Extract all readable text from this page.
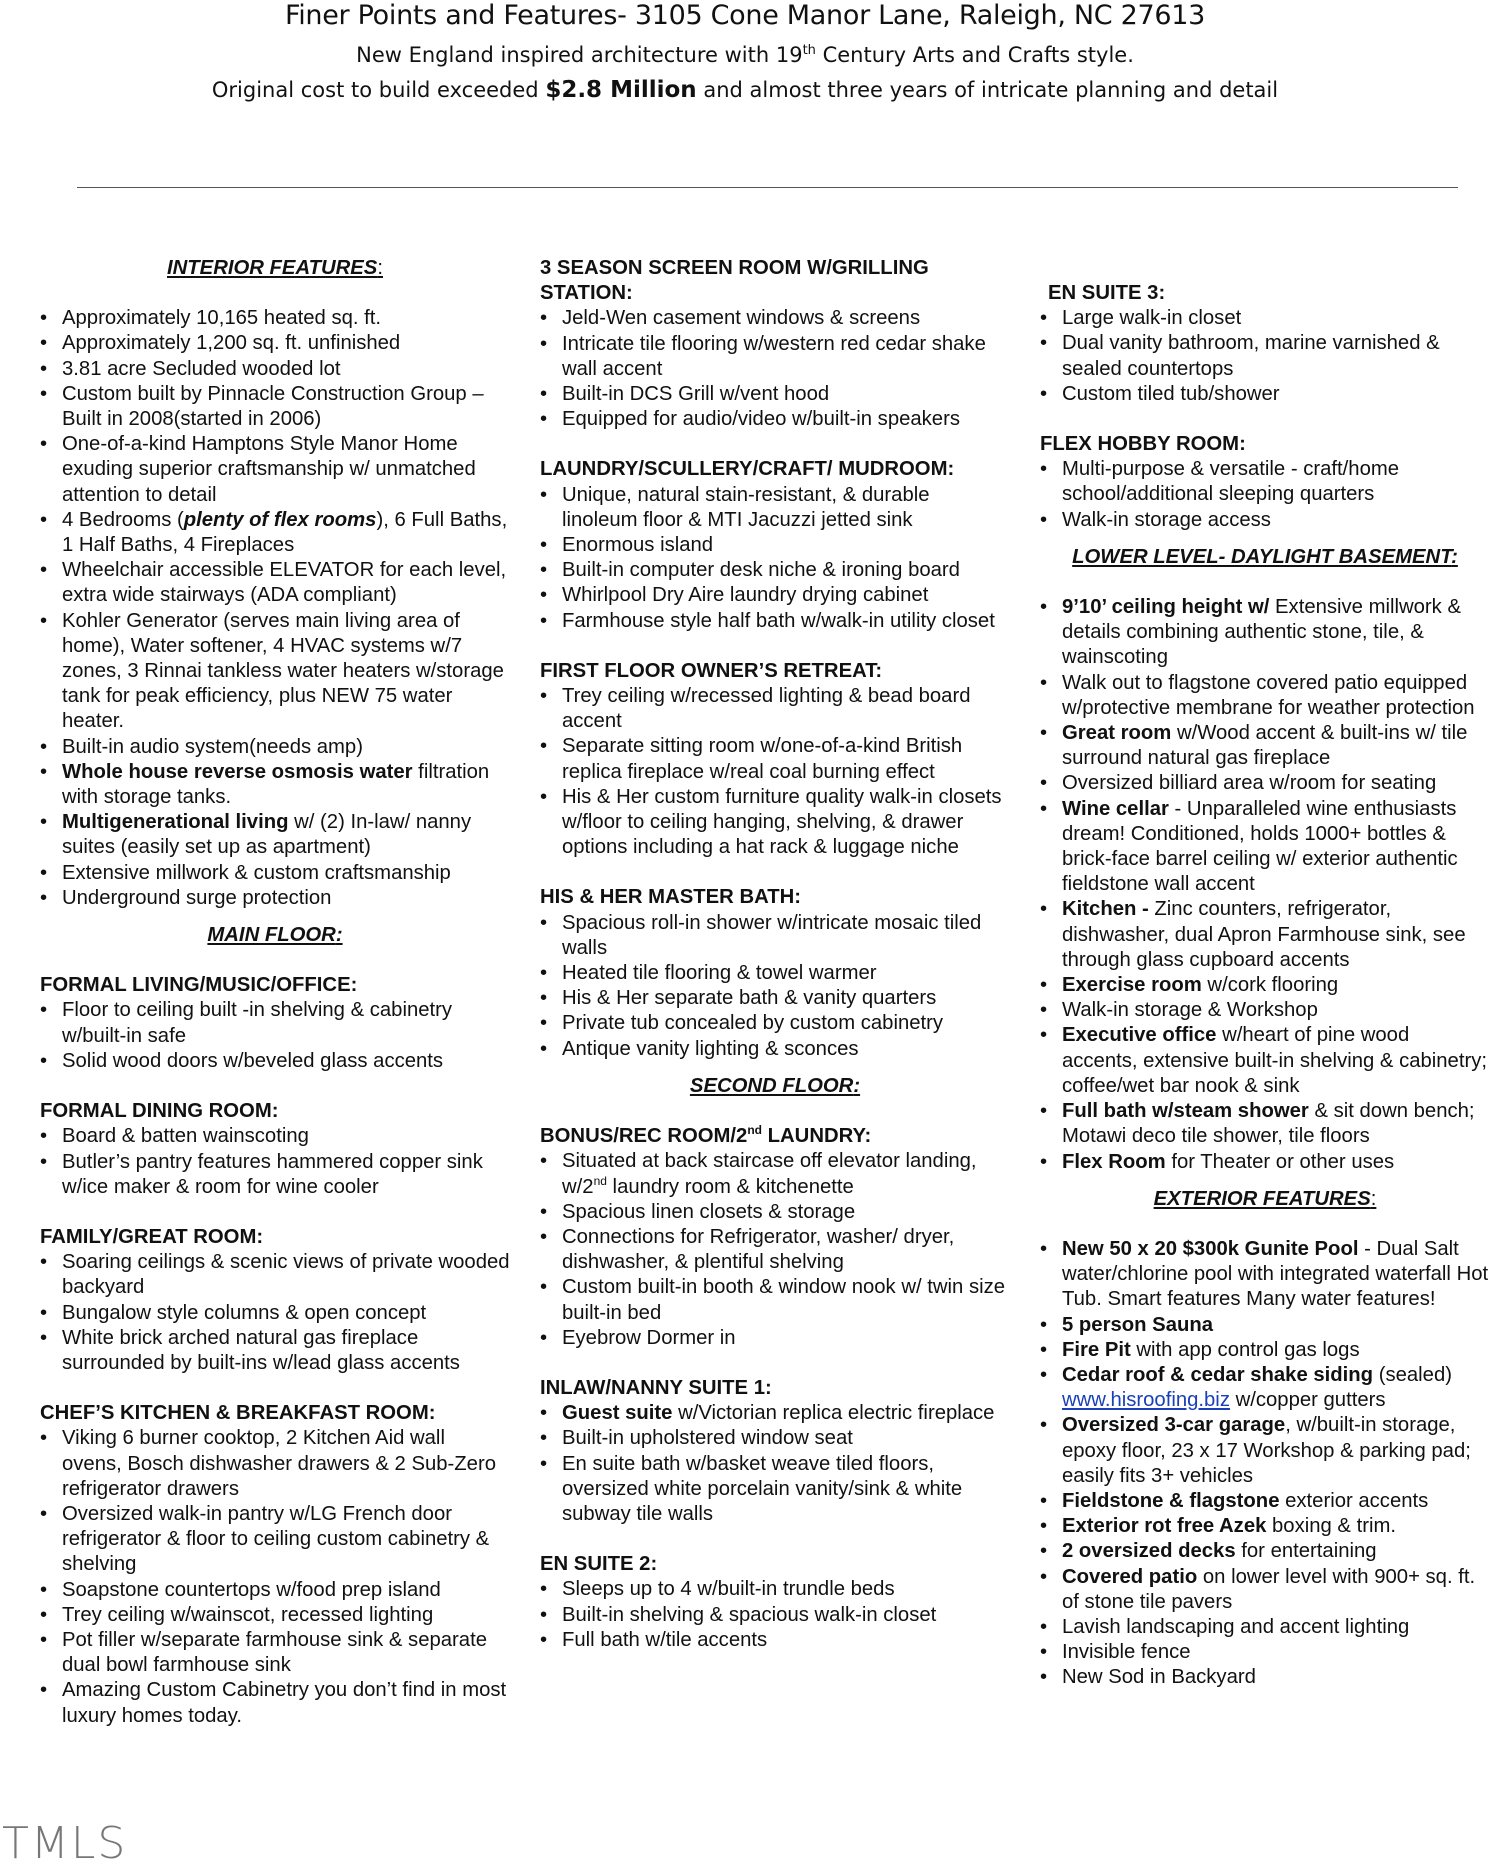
Finer Points and Features- 3105 Cone Manor Lane, Raleigh, NC 27613
New England inspired architecture with 19th Century Arts and Crafts style.
Original cost to build exceeded $2.8 Million and almost three years of intricate planning and detail
INTERIOR FEATURES:
• Approximately 10,165 heated sq. ft.
• Approximately 1,200 sq. ft. unfinished
• 3.81 acre Secluded wooded lot
• Custom built by Pinnacle Construction Group – Built in 2008(started in 2006)
• One-of-a-kind Hamptons Style Manor Home exuding superior craftsmanship w/ unmatched attention to detail
• 4 Bedrooms (plenty of flex rooms), 6 Full Baths, 1 Half Baths, 4 Fireplaces
• Wheelchair accessible ELEVATOR for each level, extra wide stairways (ADA compliant)
• Kohler Generator (serves main living area of home), Water softener, 4 HVAC systems w/7 zones, 3 Rinnai tankless water heaters w/storage tank for peak efficiency, plus NEW 75 water heater.
• Built-in audio system(needs amp)
• Whole house reverse osmosis water filtration with storage tanks.
• Multigenerational living w/ (2) In-law/ nanny suites (easily set up as apartment)
• Extensive millwork & custom craftsmanship
• Underground surge protection
MAIN FLOOR:
FORMAL LIVING/MUSIC/OFFICE:
• Floor to ceiling built -in shelving & cabinetry w/built-in safe
• Solid wood doors w/beveled glass accents
FORMAL DINING ROOM:
• Board & batten wainscoting
• Butler’s pantry features hammered copper sink w/ice maker & room for wine cooler
FAMILY/GREAT ROOM:
• Soaring ceilings & scenic views of private wooded backyard
• Bungalow style columns & open concept
• White brick arched natural gas fireplace surrounded by built-ins w/lead glass accents
CHEF’S KITCHEN & BREAKFAST ROOM:
• Viking 6 burner cooktop, 2 Kitchen Aid wall ovens, Bosch dishwasher drawers & 2 Sub-Zero refrigerator drawers
• Oversized walk-in pantry w/LG French door refrigerator & floor to ceiling custom cabinetry & shelving
• Soapstone countertops w/food prep island
• Trey ceiling w/wainscot, recessed lighting
• Pot filler w/separate farmhouse sink & separate dual bowl farmhouse sink
• Amazing Custom Cabinetry you don’t find in most luxury homes today.
3 SEASON SCREEN ROOM W/GRILLING STATION:
• Jeld-Wen casement windows & screens
• Intricate tile flooring w/western red cedar shake wall accent
• Built-in DCS Grill w/vent hood
• Equipped for audio/video w/built-in speakers
LAUNDRY/SCULLERY/CRAFT/ MUDROOM:
• Unique, natural stain-resistant, & durable linoleum floor & MTI Jacuzzi jetted sink
• Enormous island
• Built-in computer desk niche & ironing board
• Whirlpool Dry Aire laundry drying cabinet
• Farmhouse style half bath w/walk-in utility closet
FIRST FLOOR OWNER’S RETREAT:
• Trey ceiling w/recessed lighting & bead board accent
• Separate sitting room w/one-of-a-kind British replica fireplace w/real coal burning effect
• His & Her custom furniture quality walk-in closets w/floor to ceiling hanging, shelving, & drawer options including a hat rack & luggage niche
HIS & HER MASTER BATH:
• Spacious roll-in shower w/intricate mosaic tiled walls
• Heated tile flooring & towel warmer
• His & Her separate bath & vanity quarters
• Private tub concealed by custom cabinetry
• Antique vanity lighting & sconces
SECOND FLOOR:
BONUS/REC ROOM/2nd LAUNDRY:
• Situated at back staircase off elevator landing, w/2nd laundry room & kitchenette
• Spacious linen closets & storage
• Connections for Refrigerator, washer/ dryer, dishwasher, & plentiful shelving
• Custom built-in booth & window nook w/ twin size built-in bed
• Eyebrow Dormer in
INLAW/NANNY SUITE 1:
• Guest suite w/Victorian replica electric fireplace
• Built-in upholstered window seat
• En suite bath w/basket weave tiled floors, oversized white porcelain vanity/sink & white subway tile walls
EN SUITE 2:
• Sleeps up to 4 w/built-in trundle beds
• Built-in shelving & spacious walk-in closet
• Full bath w/tile accents
EN SUITE 3:
• Large walk-in closet
• Dual vanity bathroom, marine varnished & sealed countertops
• Custom tiled tub/shower
FLEX HOBBY ROOM:
• Multi-purpose & versatile - craft/home school/additional sleeping quarters
• Walk-in storage access
LOWER LEVEL- DAYLIGHT BASEMENT:
• 9’10’ ceiling height w/ Extensive millwork & details combining authentic stone, tile, & wainscoting
• Walk out to flagstone covered patio equipped w/protective membrane for weather protection
• Great room w/Wood accent & built-ins w/ tile surround natural gas fireplace
• Oversized billiard area w/room for seating
• Wine cellar - Unparalleled wine enthusiasts dream! Conditioned, holds 1000+ bottles & brick-face barrel ceiling w/ exterior authentic fieldstone wall accent
• Kitchen - Zinc counters, refrigerator, dishwasher, dual Apron Farmhouse sink, see through glass cupboard accents
• Exercise room w/cork flooring
• Walk-in storage & Workshop
• Executive office w/heart of pine wood accents, extensive built-in shelving & cabinetry; coffee/wet bar nook & sink
• Full bath w/steam shower & sit down bench; Motawi deco tile shower, tile floors
• Flex Room for Theater or other uses
EXTERIOR FEATURES:
• New 50 x 20 $300k Gunite Pool - Dual Salt water/chlorine pool with integrated waterfall Hot Tub. Smart features Many water features!
• 5 person Sauna
• Fire Pit with app control gas logs
• Cedar roof & cedar shake siding (sealed) www.hisroofing.biz w/copper gutters
• Oversized 3-car garage, w/built-in storage, epoxy floor, 23 x 17 Workshop & parking pad; easily fits 3+ vehicles
• Fieldstone & flagstone exterior accents
• Exterior rot free Azek boxing & trim.
• 2 oversized decks for entertaining
• Covered patio on lower level with 900+ sq. ft. of stone tile pavers
• Lavish landscaping and accent lighting
• Invisible fence
• New Sod in Backyard
TMLS
